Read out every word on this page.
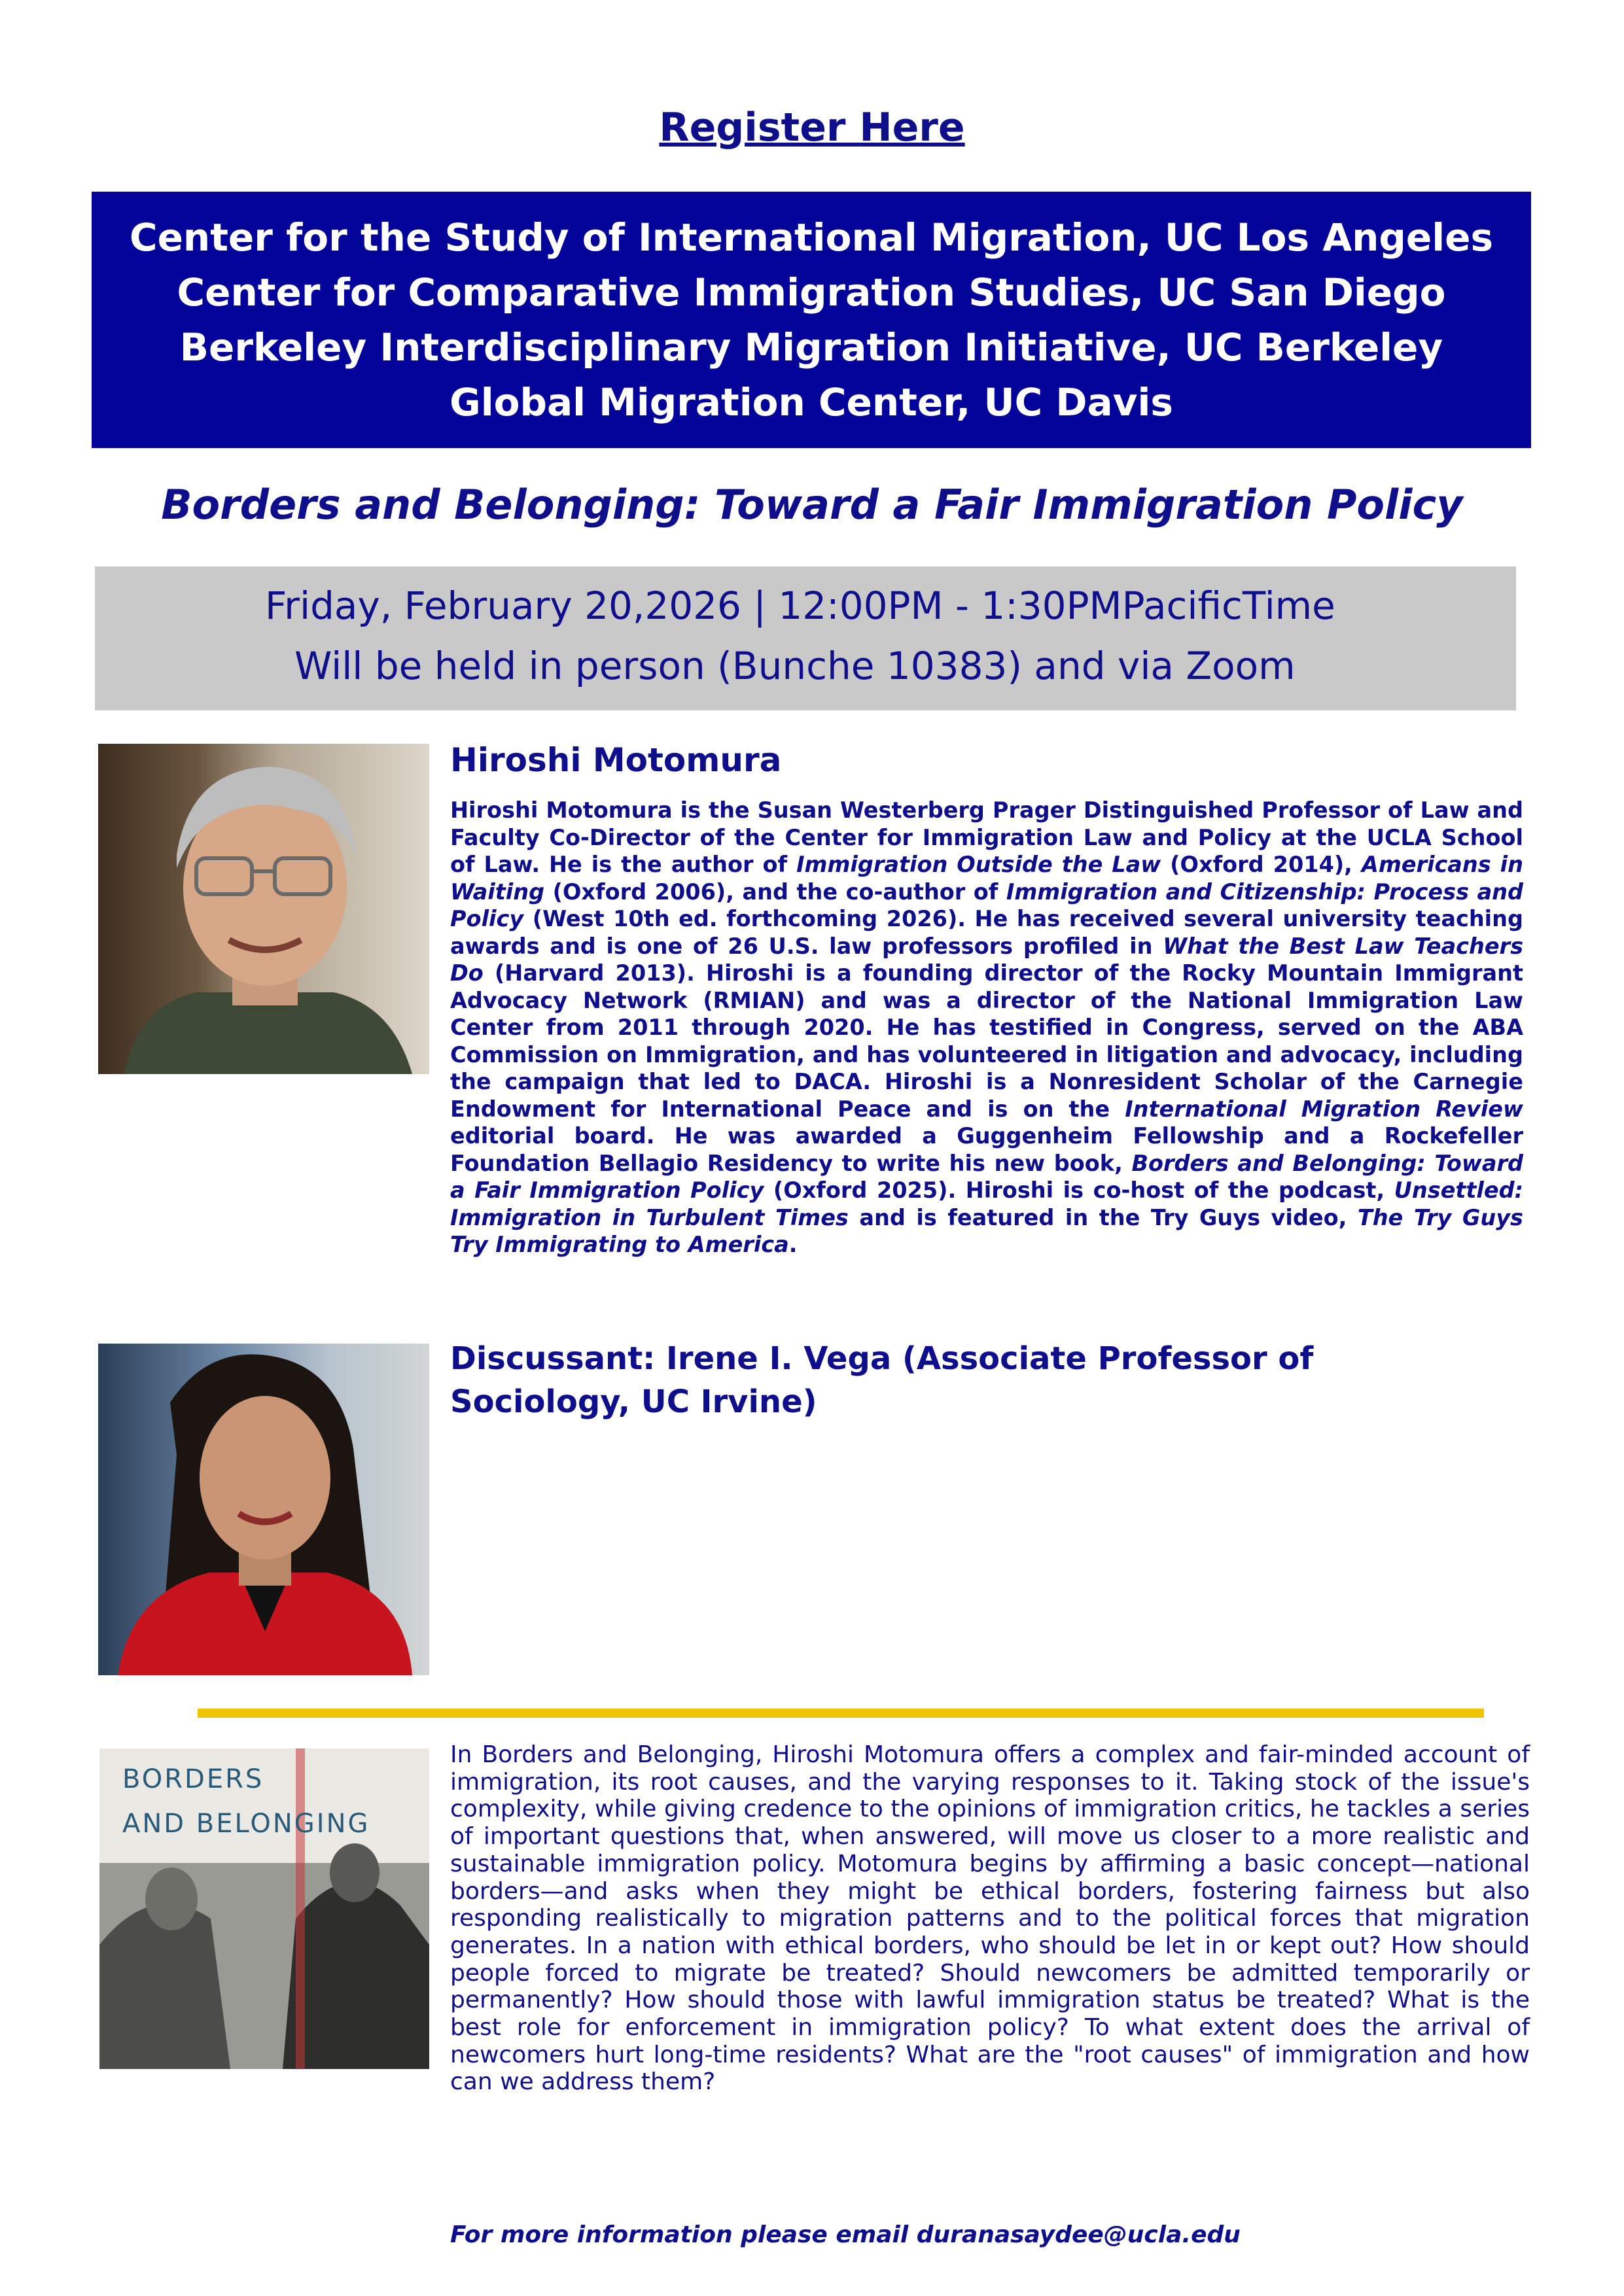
Register Here
Center for the Study of International Migration, UC Los Angeles
Center for Comparative Immigration Studies, UC San Diego
Berkeley Interdisciplinary Migration Initiative, UC Berkeley
Global Migration Center, UC Davis
Borders and Belonging: Toward a Fair Immigration Policy
Friday, February 20,2026 | 12:00PM - 1:30PMPacificTime
Will be held in person (Bunche 10383) and via Zoom
Hiroshi Motomura
Hiroshi Motomura is the Susan Westerberg Prager Distinguished Professor of Law and Faculty Co-Director of the Center for Immigration Law and Policy at the UCLA School of Law. He is the author of Immigration Outside the Law (Oxford 2014), Americans in Waiting (Oxford 2006), and the co-author of Immigration and Citizenship: Process and Policy (West 10th ed. forthcoming 2026). He has received several university teaching awards and is one of 26 U.S. law professors profiled in What the Best Law Teachers Do (Harvard 2013). Hiroshi is a founding director of the Rocky Mountain Immigrant Advocacy Network (RMIAN) and was a director of the National Immigration Law Center from 2011 through 2020. He has testified in Congress, served on the ABA Commission on Immigration, and has volunteered in litigation and advocacy, including the campaign that led to DACA. Hiroshi is a Nonresident Scholar of the Carnegie Endowment for International Peace and is on the International Migration Review editorial board. He was awarded a Guggenheim Fellowship and a Rockefeller Foundation Bellagio Residency to write his new book, Borders and Belonging: Toward a Fair Immigration Policy (Oxford 2025). Hiroshi is co-host of the podcast, Unsettled: Immigration in Turbulent Times and is featured in the Try Guys video, The Try Guys Try Immigrating to America.
Discussant: Irene I. Vega (Associate Professor of
Sociology, UC Irvine)
BORDERS
AND BELONGING
In Borders and Belonging, Hiroshi Motomura offers a complex and fair-minded account of immigration, its root causes, and the varying responses to it. Taking stock of the issue's complexity, while giving credence to the opinions of immigration critics, he tackles a series of important questions that, when answered, will move us closer to a more realistic and sustainable immigration policy. Motomura begins by affirming a basic concept—national borders—and asks when they might be ethical borders, fostering fairness but also responding realistically to migration patterns and to the political forces that migration generates. In a nation with ethical borders, who should be let in or kept out? How should people forced to migrate be treated? Should newcomers be admitted temporarily or permanently? How should those with lawful immigration status be treated? What is the best role for enforcement in immigration policy? To what extent does the arrival of newcomers hurt long-time residents? What are the "root causes" of immigration and how can we address them?
For more information please email duranasaydee@ucla.edu
